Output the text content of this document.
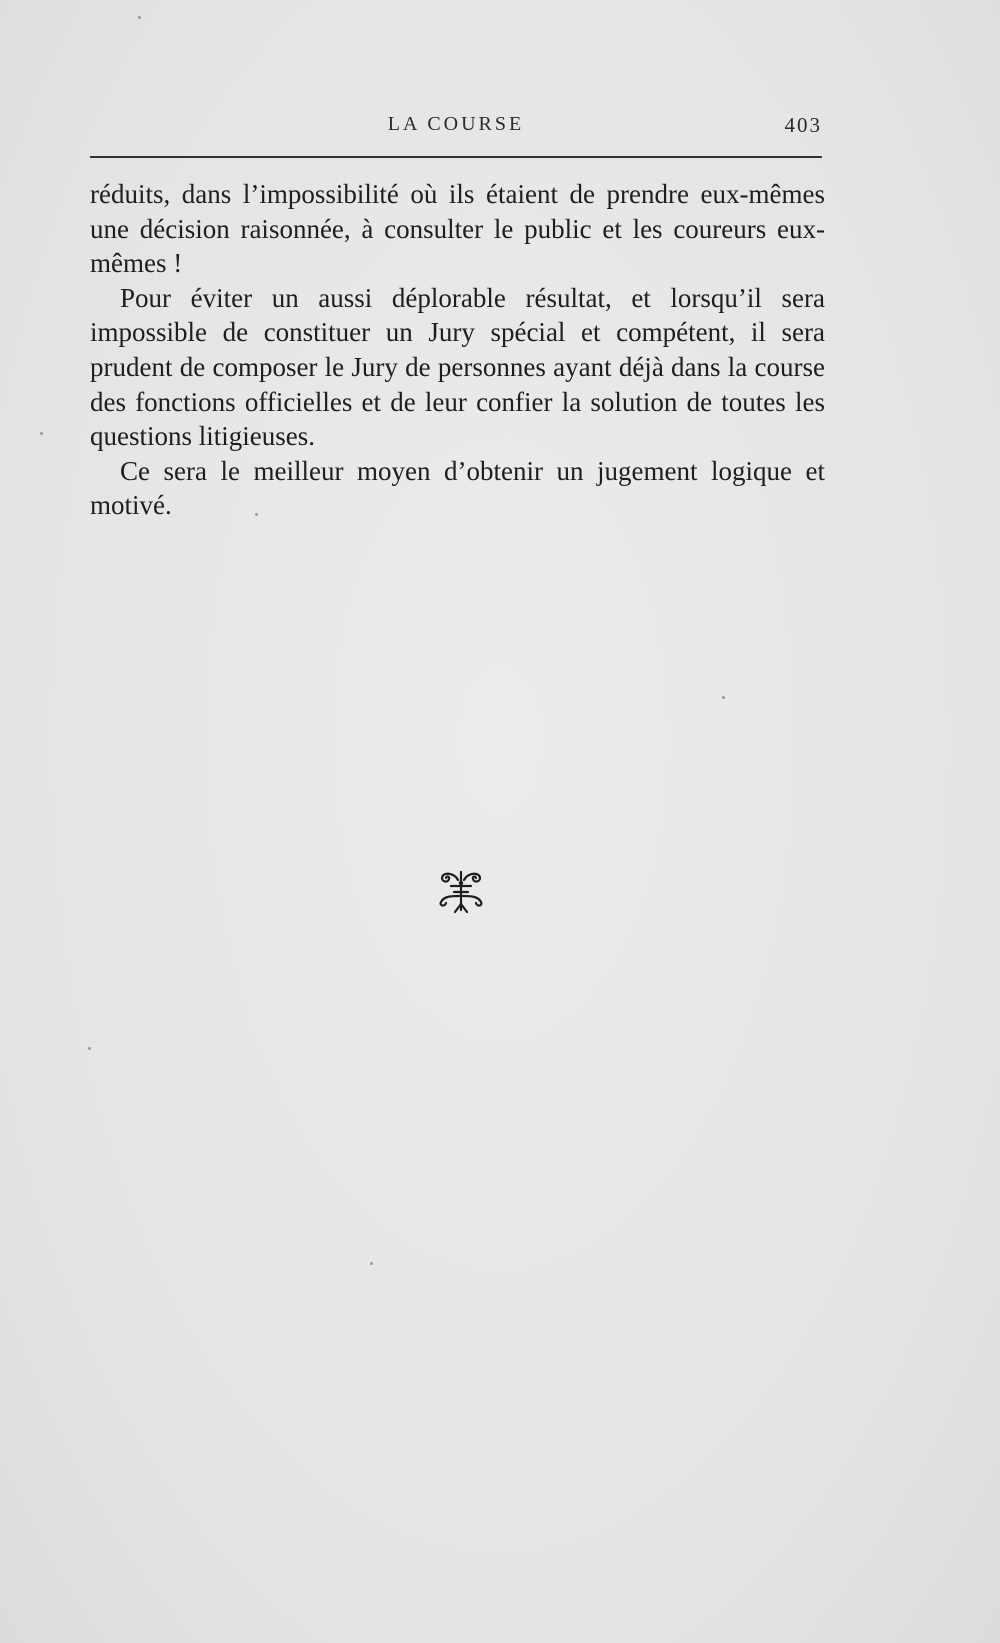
LA COURSE	403

réduits, dans l’impossibilité où ils étaient de prendre eux-mêmes une décision raisonnée, à consulter le public et les coureurs eux-mêmes !

Pour éviter un aussi déplorable résultat, et lorsqu’il sera impossible de constituer un Jury spécial et compétent, il sera prudent de composer le Jury de personnes ayant déjà dans la course des fonctions officielles et de leur confier la solution de toutes les questions litigieuses.

Ce sera le meilleur moyen d’obtenir un jugement logique et motivé.
